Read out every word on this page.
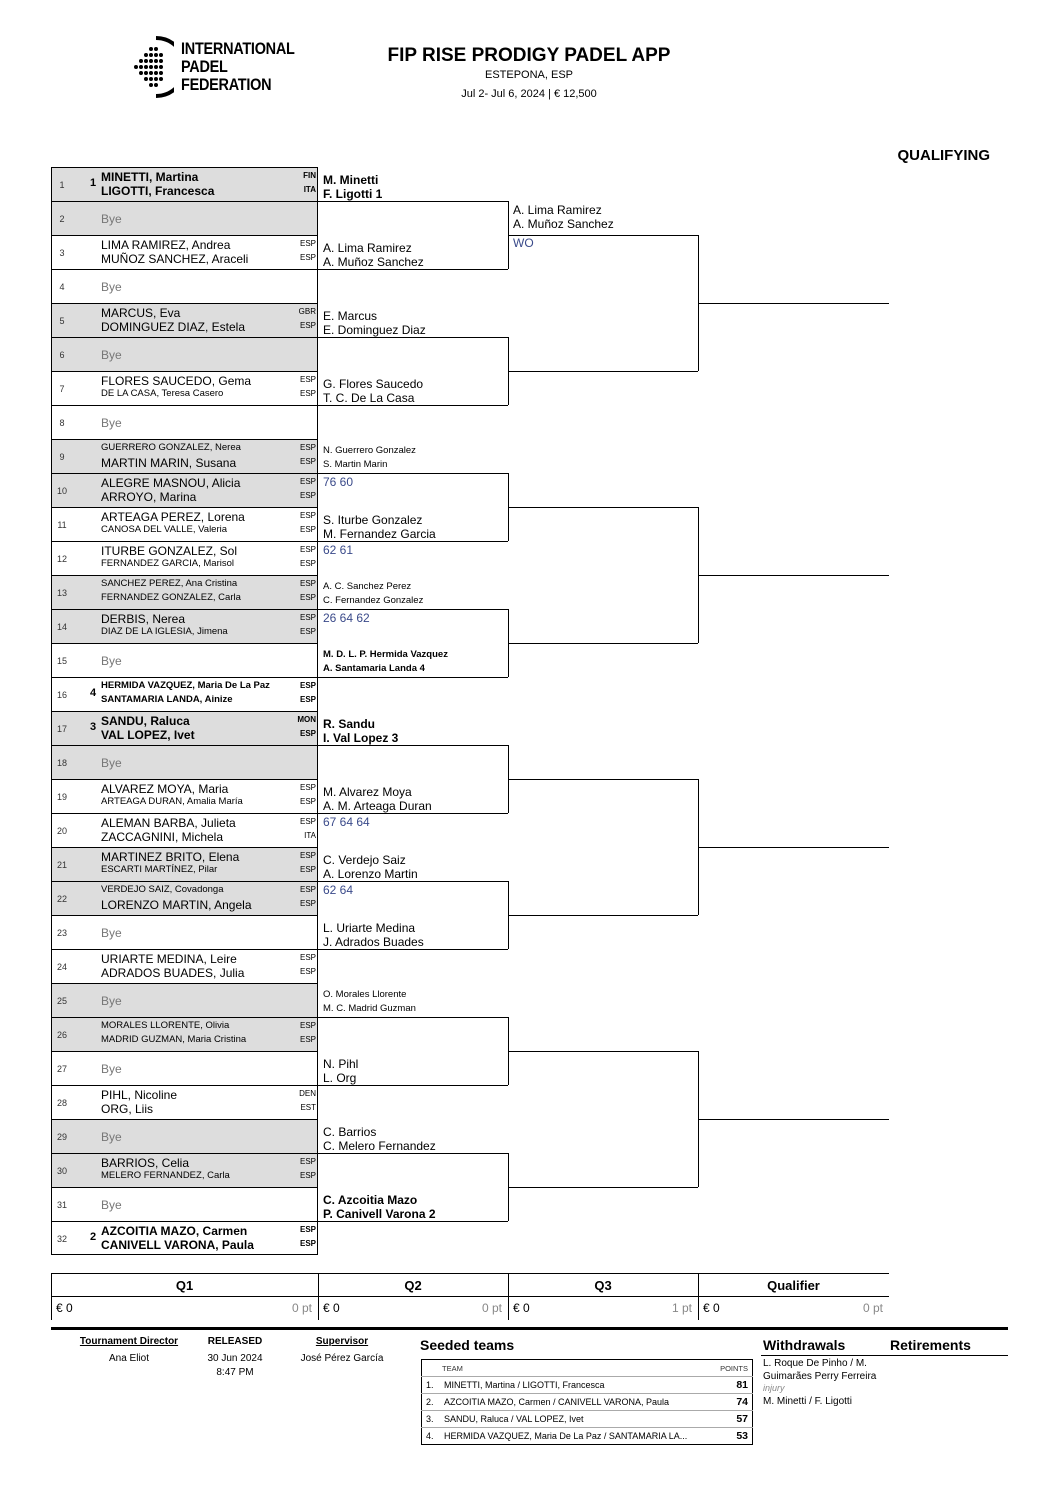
INTERNATIONAL
PADEL
FEDERATION
FIP RISE PRODIGY PADEL APP
ESTEPONA, ESP
Jul 2- Jul 6, 2024 | € 12,500
QUALIFYING
1	1 MINETTI, Martina	FIN
LIGOTTI, Francesca	ITA
2	Bye
3
LIMA RAMIREZ, Andrea	ESP
MUÑOZ SANCHEZ, Araceli	ESP
4	Bye
5
MARCUS, Eva	GBR
DOMINGUEZ DIAZ, Estela	ESP
6	Bye
7
FLORES SAUCEDO, Gema	ESP
DE LA CASA, Teresa Casero	ESP
8	Bye
9
GUERRERO GONZALEZ, Nerea	ESP
MARTIN MARIN, Susana	ESP
10
ALEGRE MASNOU, Alicia	ESP
ARROYO, Marina	ESP
11
ARTEAGA PEREZ, Lorena	ESP
CANOSA DEL VALLE, Valeria	ESP
12
ITURBE GONZALEZ, Sol	ESP
FERNANDEZ GARCIA, Marisol	ESP
13
SANCHEZ PEREZ, Ana Cristina	ESP
FERNANDEZ GONZALEZ, Carla	ESP
14
DERBIS, Nerea	ESP
DIAZ DE LA IGLESIA, Jimena	ESP
15	Bye
16	4
HERMIDA VAZQUEZ, Maria De La Paz	ESP
SANTAMARIA LANDA, Ainize	ESP
17	3 SANDU, Raluca	MON
VAL LOPEZ, Ivet	ESP
18	Bye
19
ALVAREZ MOYA, Maria	ESP
ARTEAGA DURAN, Amalia María	ESP
20
ALEMAN BARBA, Julieta	ESP
ZACCAGNINI, Michela	ITA
21
MARTINEZ BRITO, Elena	ESP
ESCARTI MARTÍNEZ, Pilar	ESP
22
VERDEJO SAIZ, Covadonga	ESP
LORENZO MARTIN, Angela	ESP
23	Bye
24
URIARTE MEDINA, Leire	ESP
ADRADOS BUADES, Julia	ESP
25	Bye
26
MORALES LLORENTE, Olivia	ESP
MADRID GUZMAN, Maria Cristina	ESP
27	Bye
28
PIHL, Nicoline	DEN
ORG, Liis	EST
29	Bye
30
BARRIOS, Celia	ESP
MELERO FERNANDEZ, Carla	ESP
31	Bye
32	2 AZCOITIA MAZO, Carmen	ESP
CANIVELL VARONA, Paula	ESP
M. Minetti
F. Ligotti 1
A. Lima Ramirez
A. Muñoz Sanchez
E. Marcus
E. Dominguez Diaz
G. Flores Saucedo
T. C. De La Casa
N. Guerrero Gonzalez
S. Martin Marin
76 60
S. Iturbe Gonzalez
M. Fernandez Garcia
62 61
A. C. Sanchez Perez
C. Fernandez Gonzalez
26 64 62
M. D. L. P. Hermida Vazquez
A. Santamaria Landa 4
R. Sandu
I. Val Lopez 3
M. Alvarez Moya
A. M. Arteaga Duran
67 64 64
C. Verdejo Saiz
A. Lorenzo Martin
62 64
L. Uriarte Medina
J. Adrados Buades
O. Morales Llorente
M. C. Madrid Guzman
N. Pihl
L. Org
C. Barrios
C. Melero Fernandez
C. Azcoitia Mazo
P. Canivell Varona 2
A. Lima Ramirez
A. Muñoz Sanchez
WO
Q1	Q2	Q3	Qualifier
€ 0	0 pt € 0	0 pt € 0	1 pt € 0	0 pt
Tournament Director
Ana Eliot
RELEASED
30 Jun 2024
8:47 PM
Supervisor
José Pérez García
Seeded teams
TEAM		POINTS
1.	MINETTI, Martina / LIGOTTI, Francesca	81
2.	AZCOITIA MAZO, Carmen / CANIVELL VARONA, Paula	74
3.	SANDU, Raluca / VAL LOPEZ, Ivet	57
4.	HERMIDA VAZQUEZ, Maria De La Paz / SANTAMARIA LA...	53
Withdrawals
L. Roque De Pinho / M.
Guimarães Perry Ferreira
injury
M. Minetti / F. Ligotti
Retirements
